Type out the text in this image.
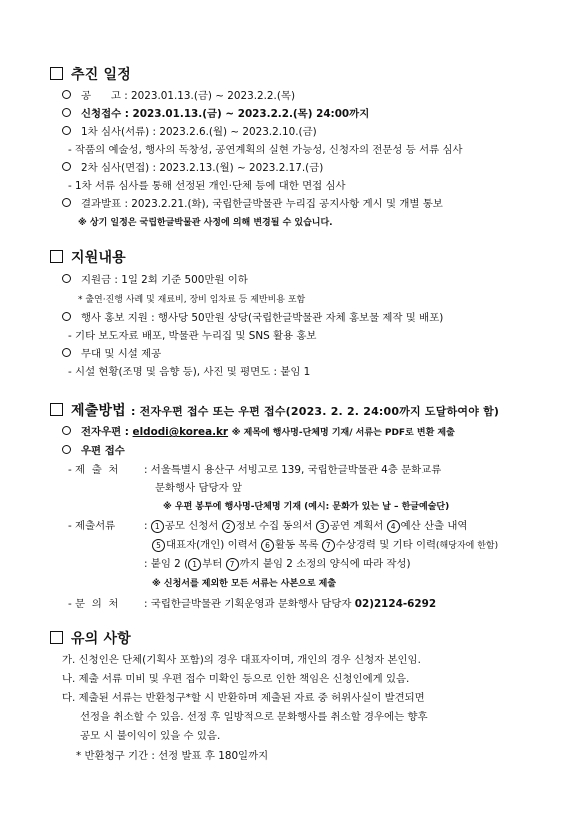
추진 일정
공      고 : 2023.01.13.(금) ~ 2023.2.2.(목)
신청접수 : 2023.01.13.(금) ~ 2023.2.2.(목) 24:00까지
1차 심사(서류) : 2023.2.6.(월) ~ 2023.2.10.(금)
- 작품의 예술성, 행사의 독창성, 공연계획의 실현 가능성, 신청자의 전문성 등 서류 심사
2차 심사(면접) : 2023.2.13.(월) ~ 2023.2.17.(금)
- 1차 서류 심사를 통해 선정된 개인·단체 등에 대한 면접 심사
결과발표 : 2023.2.21.(화), 국립한글박물관 누리집 공지사항 게시 및 개별 통보
※ 상기 일정은 국립한글박물관 사정에 의해 변경될 수 있습니다.
지원내용
지원금 : 1일 2회 기준 500만원 이하
* 출연·진행 사례 및 재료비, 장비 임차료 등 제반비용 포함
행사 홍보 지원 : 행사당 50만원 상당(국립한글박물관 자체 홍보물 제작 및 배포)
- 기타 보도자료 배포, 박물관 누리집 및 SNS 활용 홍보
무대 및 시설 제공
- 시설 현황(조명 및 음향 등), 사진 및 평면도 : 붙임 1
제출방법 : 전자우편 접수 또는 우편 접수(2023. 2. 2. 24:00까지 도달하여야 함)
전자우편 : eldodi@korea.kr ※ 제목에 행사명-단체명 기재/ 서류는 PDF로 변환 제출
우편 접수
- 제  출  처 : 서울특별시 용산구 서빙고로 139, 국립한글박물관 4층 문화교류
문화행사 담당자 앞
※ 우편 봉투에 행사명-단체명 기재 (예시: 문화가 있는 날 – 한글예술단)
- 제출서류	: 1 공모 신청서 2 정보 수집 동의서 3 공연 계획서 4 예산 산출 내역
5 대표자(개인) 이력서 6 활동 목록 7 수상경력 및 기타 이력(해당자에 한함)
: 붙임 2 ( 1 부터 7 까지 붙임 2 소정의 양식에 따라 작성)
※ 신청서를 제외한 모든 서류는 사본으로 제출
- 문  의  처 : 국립한글박물관 기획운영과 문화행사 담당자 02)2124-6292
유의 사항
가. 신청인은 단체(기획사 포함)의 경우 대표자이며, 개인의 경우 신청자 본인임.
나. 제출 서류 미비 및 우편 접수 미확인 등으로 인한 책임은 신청인에게 있음.
다. 제출된 서류는 반환청구*할 시 반환하며 제출된 자료 중 허위사실이 발견되면
선정을 취소할 수 있음. 선정 후 일방적으로 문화행사를 취소할 경우에는 향후
공모 시 불이익이 있을 수 있음.
* 반환청구 기간 : 선정 발표 후 180일까지
